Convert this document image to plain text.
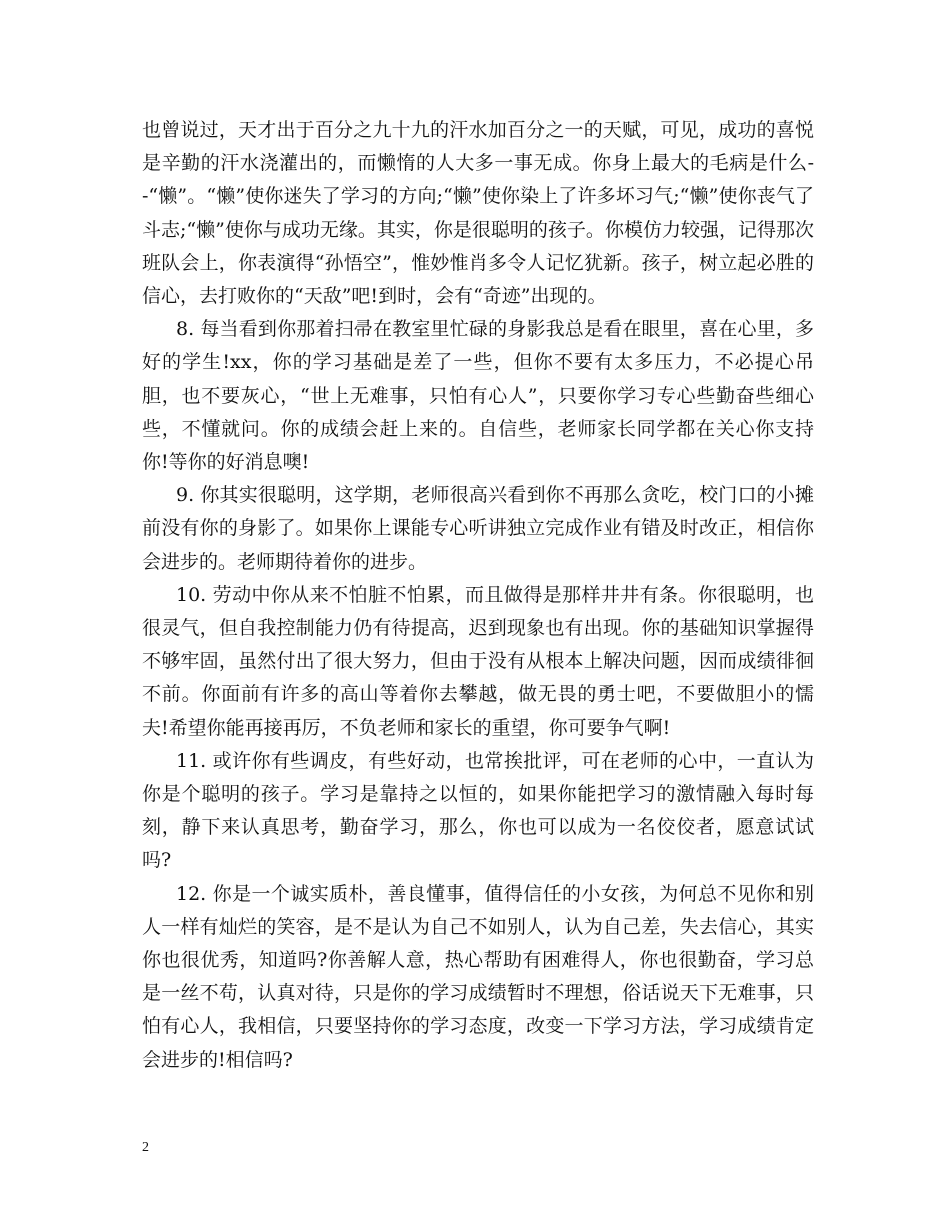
也曾说过，天才出于百分之九十九的汗水加百分之一的天赋，可见，成功的喜悦是辛勤的汗水浇灌出的，而懒惰的人大多一事无成。你身上最大的毛病是什么--“懒”。“懒”使你迷失了学习的方向;“懒”使你染上了许多坏习气;“懒”使你丧气了斗志;“懒”使你与成功无缘。其实，你是很聪明的孩子。你模仿力较强，记得那次班队会上，你表演得“孙悟空”，惟妙惟肖多令人记忆犹新。孩子，树立起必胜的信心，去打败你的“天敌”吧!到时，会有“奇迹”出现的。

8. 每当看到你那着扫帚在教室里忙碌的身影我总是看在眼里，喜在心里，多好的学生!xx，你的学习基础是差了一些，但你不要有太多压力，不必提心吊胆，也不要灰心，“世上无难事，只怕有心人”，只要你学习专心些勤奋些细心些，不懂就问。你的成绩会赶上来的。自信些，老师家长同学都在关心你支持你!等你的好消息噢!

9. 你其实很聪明，这学期，老师很高兴看到你不再那么贪吃，校门口的小摊前没有你的身影了。如果你上课能专心听讲独立完成作业有错及时改正，相信你会进步的。老师期待着你的进步。

10. 劳动中你从来不怕脏不怕累，而且做得是那样井井有条。你很聪明，也很灵气，但自我控制能力仍有待提高，迟到现象也有出现。你的基础知识掌握得不够牢固，虽然付出了很大努力，但由于没有从根本上解决问题，因而成绩徘徊不前。你面前有许多的高山等着你去攀越，做无畏的勇士吧，不要做胆小的懦夫!希望你能再接再厉，不负老师和家长的重望，你可要争气啊!

11. 或许你有些调皮，有些好动，也常挨批评，可在老师的心中，一直认为你是个聪明的孩子。学习是靠持之以恒的，如果你能把学习的激情融入每时每刻，静下来认真思考，勤奋学习，那么，你也可以成为一名佼佼者，愿意试试吗?

12. 你是一个诚实质朴，善良懂事，值得信任的小女孩，为何总不见你和别人一样有灿烂的笑容，是不是认为自己不如别人，认为自己差，失去信心，其实你也很优秀，知道吗?你善解人意，热心帮助有困难得人，你也很勤奋，学习总是一丝不苟，认真对待，只是你的学习成绩暂时不理想，俗话说天下无难事，只怕有心人，我相信，只要坚持你的学习态度，改变一下学习方法，学习成绩肯定会进步的!相信吗?

2
